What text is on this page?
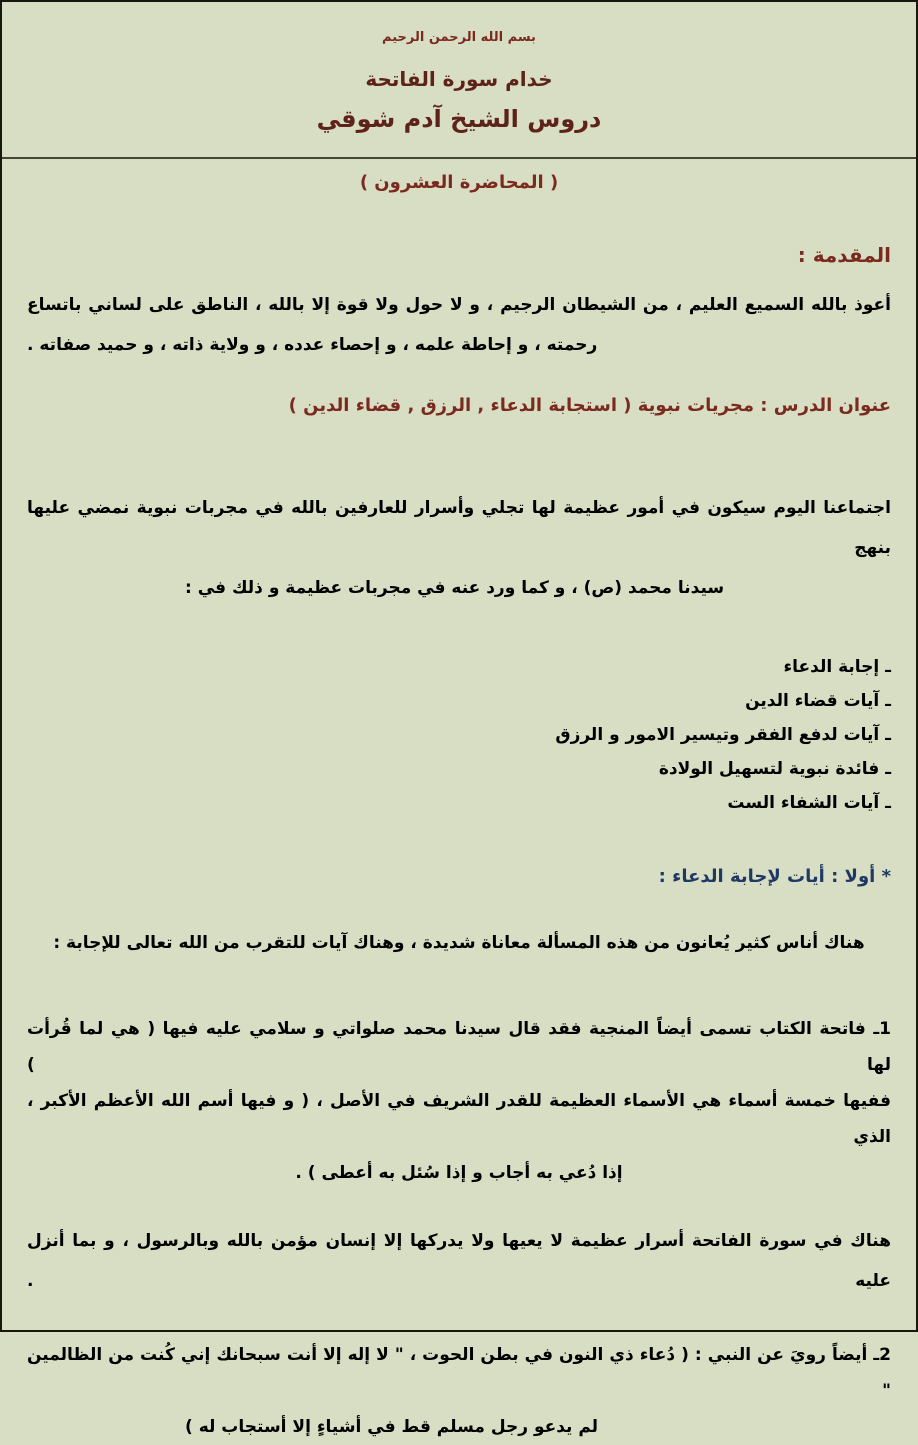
بسم الله الرحمن الرحيم
خدام سورة الفاتحة
دروس الشيخ آدم شوقي
( المحاضرة العشرون )
المقدمة :
أعوذ بالله السميع العليم ، من الشيطان الرجيم ، و لا حول ولا قوة إلا بالله ، الناطق على لساني باتساع
رحمته ، و إحاطة علمه ، و إحصاء عدده ، و ولاية ذاته ، و حميد صفاته .
عنوان الدرس : مجريات نبوية ( استجابة الدعاء , الرزق , قضاء الدين )
اجتماعنا اليوم سيكون في أمور عظيمة لها تجلي وأسرار للعارفين بالله في مجربات نبوية نمضي عليها بنهج
سيدنا محمد (ص) ، و كما ورد عنه في مجربات عظيمة و ذلك في :
ـ إجابة الدعاء
ـ آيات قضاء الدين
ـ آيات لدفع الفقر وتيسير الامور و الرزق
ـ فائدة نبوية لتسهيل الولادة
ـ آيات الشفاء الست
* أولا : أيات لإجابة الدعاء :
هناك أناس كثير يُعانون من هذه المسألة معاناة شديدة ، وهناك آيات للتقرب من الله تعالى للإجابة :
1ـ فاتحة الكتاب تسمى أيضاً المنجية فقد قال سيدنا محمد صلواتي و سلامي عليه فيها ( هي لما قُرأت لها )
ففيها خمسة أسماء هي الأسماء العظيمة للقدر الشريف في الأصل ، ( و فيها أسم الله الأعظم الأكبر ، الذي
إذا دُعي به أجاب و إذا سُئل به أعطى ) .
هناك في سورة الفاتحة أسرار عظيمة لا يعيها ولا يدركها إلا إنسان مؤمن بالله وبالرسول ، و بما أنزل عليه .
2ـ أيضاً رويَ عن النبي : ( دُعاء ذي النون في بطن الحوت ، " لا إله إلا أنت سبحانك إني كُنت من الظالمين "
لم يدعو رجل مسلم قط في أشياءٍ إلا أستجاب له )
